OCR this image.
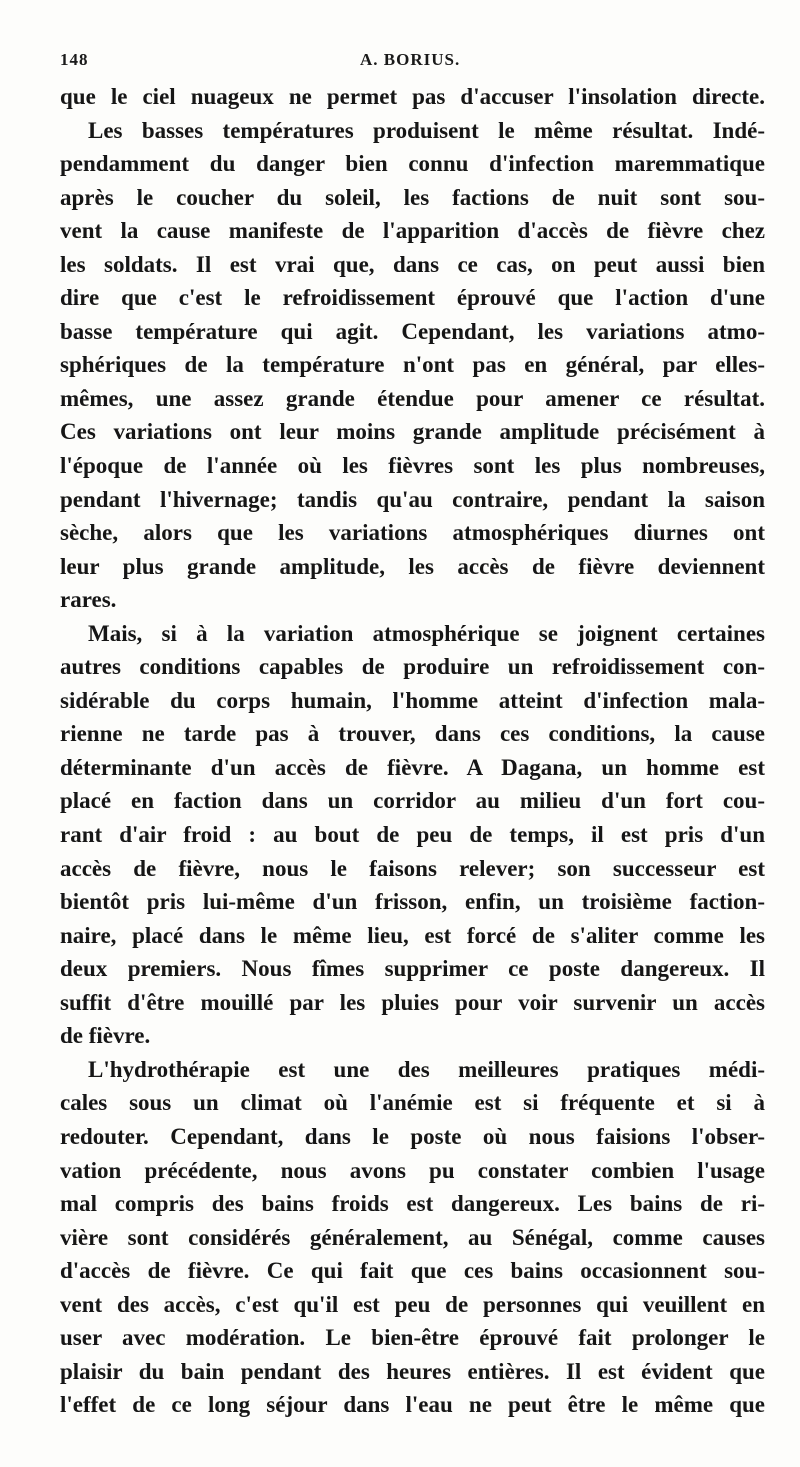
148	A. BORIUS.
que le ciel nuageux ne permet pas d'accuser l'insolation directe.
Les basses températures produisent le même résultat. Indé-
pendamment du danger bien connu d'infection maremmatique
après le coucher du soleil, les factions de nuit sont sou-
vent la cause manifeste de l'apparition d'accès de fièvre chez
les soldats. Il est vrai que, dans ce cas, on peut aussi bien
dire que c'est le refroidissement éprouvé que l'action d'une
basse température qui agit. Cependant, les variations atmo-
sphériques de la température n'ont pas en général, par elles-
mêmes, une assez grande étendue pour amener ce résultat.
Ces variations ont leur moins grande amplitude précisément à
l'époque de l'année où les fièvres sont les plus nombreuses,
pendant l'hivernage; tandis qu'au contraire, pendant la saison
sèche, alors que les variations atmosphériques diurnes ont
leur plus grande amplitude, les accès de fièvre deviennent
rares.
Mais, si à la variation atmosphérique se joignent certaines
autres conditions capables de produire un refroidissement con-
sidérable du corps humain, l'homme atteint d'infection mala-
rienne ne tarde pas à trouver, dans ces conditions, la cause
déterminante d'un accès de fièvre. A Dagana, un homme est
placé en faction dans un corridor au milieu d'un fort cou-
rant d'air froid : au bout de peu de temps, il est pris d'un
accès de fièvre, nous le faisons relever; son successeur est
bientôt pris lui-même d'un frisson, enfin, un troisième faction-
naire, placé dans le même lieu, est forcé de s'aliter comme les
deux premiers. Nous fîmes supprimer ce poste dangereux. Il
suffit d'être mouillé par les pluies pour voir survenir un accès
de fièvre.
L'hydrothérapie est une des meilleures pratiques médi-
cales sous un climat où l'anémie est si fréquente et si à
redouter. Cependant, dans le poste où nous faisions l'obser-
vation précédente, nous avons pu constater combien l'usage
mal compris des bains froids est dangereux. Les bains de ri-
vière sont considérés généralement, au Sénégal, comme causes
d'accès de fièvre. Ce qui fait que ces bains occasionnent sou-
vent des accès, c'est qu'il est peu de personnes qui veuillent en
user avec modération. Le bien-être éprouvé fait prolonger le
plaisir du bain pendant des heures entières. Il est évident que
l'effet de ce long séjour dans l'eau ne peut être le même que
